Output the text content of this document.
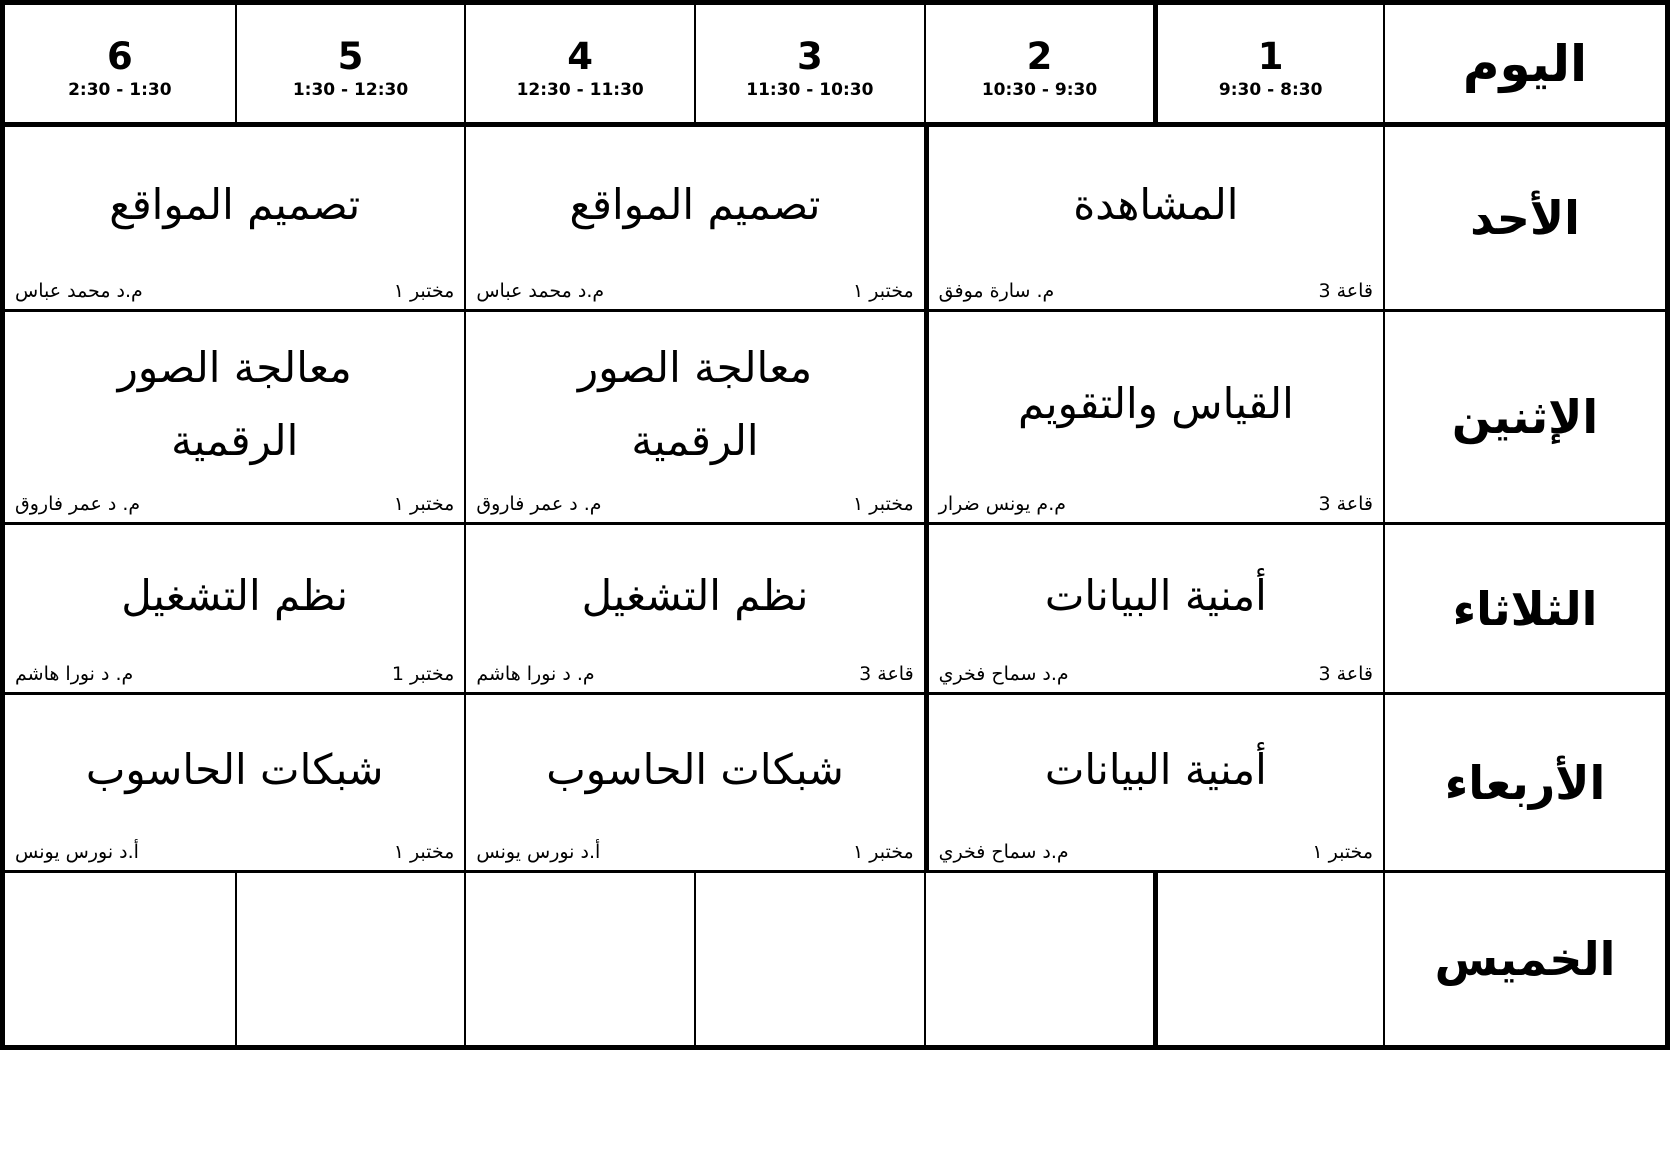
اليوم
1
8:30 - 9:30
2
9:30 - 10:30
3
10:30 - 11:30
4
11:30 - 12:30
5
12:30 - 1:30
6
1:30 - 2:30
الأحد
المشاهدة
قاعة 3
م. سارة موفق
تصميم المواقع
مختبر ١
م.د محمد عباس
تصميم المواقع
مختبر ١
م.د محمد عباس
الإثنين
القياس والتقويم
قاعة 3
م.م يونس ضرار
معالجة الصور الرقمية
مختبر ١
م. د عمر فاروق
معالجة الصور الرقمية
مختبر ١
م. د عمر فاروق
الثلاثاء
أمنية البيانات
قاعة 3
م.د سماح فخري
نظم التشغيل
قاعة 3
م. د نورا هاشم
نظم التشغيل
مختبر 1
م. د نورا هاشم
الأربعاء
أمنية البيانات
مختبر ١
م.د سماح فخري
شبكات الحاسوب
مختبر ١
أ.د نورس يونس
شبكات الحاسوب
مختبر ١
أ.د نورس يونس
الخميس
